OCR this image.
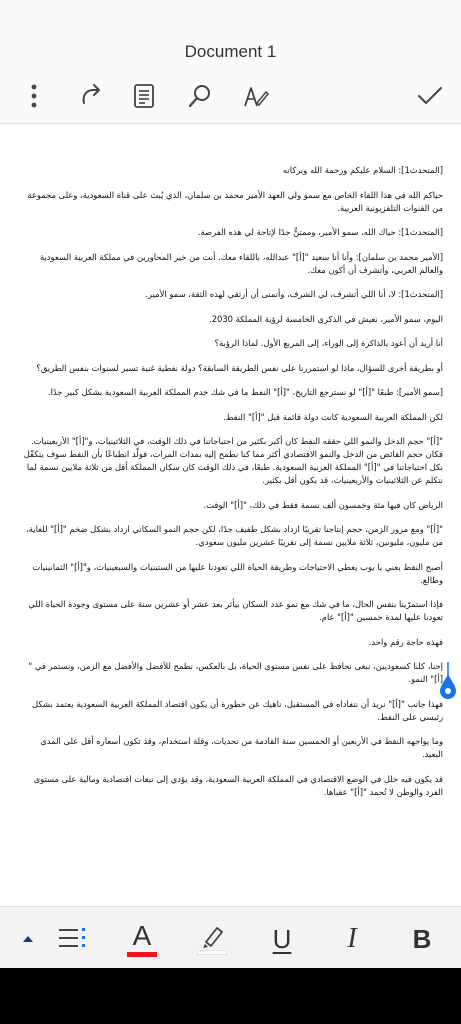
Document 1

[المتحدث1]: السلام عليكم ورحمة الله وبركاته

حياكم الله في هذا اللقاء الخاص مع سمو ولي العهد الأمير محمد بن سلمان، الذي يُبث على قناة السعودية، وعلى مجموعة من القنوات التلفزيونية العربية.

[المتحدث1]: حياك الله، سمو الأمير، وممتنٌّ جدًا لإتاحة لي هذه الفرصة.

[الأمير محمد بن سلمان]: وأنا أنا سعيد "[أ]" عبدالله، باللقاء معك. أنت من خير المحاورين في مملكة العربية السعودية والعالم العربي، وأتشرف أن أكون معك.

[المتحدث1]: لا، أنا اللي أتشرف، لي الشرف، وأتمنى أن أرتقي لهذه الثقة، سمو الأمير.

اليوم، سمو الأمير، نعيش في الذكرى الخامسة لرؤية المملكة 2030.

أنا أريد أن أعود بالذاكرة إلى الوراء، إلى المربع الأول. لماذا الرؤية؟

أو بطريقة أخرى للسؤال، ماذا لو استمررنا على نفس الطريقة السابقة؟ دولة نفطية غنية تسير لسنوات بنفس الطريق؟

[سمو الأمير]: طبعًا "[أ]" لو نسترجع التاريخ، "[أ]" النفط ما في شك خدم المملكة العربية السعودية بشكل كبير جدًا.

لكن المملكة العربية السعودية كانت دولة قائمة قبل "[أ]" النفط.

"[أ]" حجم الدخل والنمو اللي حققه النفط كان أكبر بكثير من احتياجاتنا في ذلك الوقت، في الثلاثينيات، و"[أ]" الأربعينيات. فكان حجم الفائض من الدخل والنمو الاقتصادي أكثر مما كنا نطمح إليه بمدات المرات، فولّد انطباعًا بأن النفط سوف يتكفّل بكل احتياجاتنا في "[أ]" المملكة العربية السعودية. طبعًا، في ذلك الوقت كان سكان المملكة أقل من ثلاثة ملايين نسمة لما نتكلم عن الثلاثينيات والأربعينيات، قد يكون أقل بكثير.

الرياض كان فيها مئة وخمسون ألف نسمة فقط في ذلك، "[أ]" الوقت.

"[أ]" ومع مرور الزمن، حجم إنتاجنا تقريبًا ازداد بشكل طفيف جدًا، لكن حجم النمو السكاني ازداد بشكل ضخم "[أ]" للغاية، من مليون، مليونين، ثلاثة ملايين نسمة إلى تقريبًا عشرين مليون سعودي.

أصبح النفط يعني يا يوب يغطي الاحتياجات وطريقة الحياة اللي تعودنا عليها من الستينيات والسبعينيات، و"[أ]" الثمانينيات وطالع.

فإذا استمرّينا بنفس الحال، ما في شك مع نمو عدد السكان بيأثر بعد عشر أو عشرين سنة على مستوى وجودة الحياة اللي تعودنا عليها لمدة خمسين "[أ]" عام.

فهذه حاجة رقم واحد.

إحنا، كلنا كسعوديين، نبغى نحافظ على نفس مستوى الحياة، بل بالعكس، نطمح للأفضل والأفضل مع الزمن، ونستمر في "[أ]" النمو.

فهذا جانب "[أ]" نريد أن نتفاداه في المستقبل، ناهيك عن خطورة أن يكون اقتصاد المملكة العربية السعودية يعتمد بشكل رئيسي على النفط.

وما يواجهه النفط في الأربعين أو الخمسين سنة القادمة من تحديات، وقلة استخدام، وقد تكون أسعاره أقل على المدى البعيد.

قد يكون فيه خلل في الوضع الاقتصادي في المملكة العربية السعودية، وقد يؤدي إلى تبعات اقتصادية ومالية على مستوى الفرد والوطن لا تُحمد "[أ]" عقباها.

A	U I B
